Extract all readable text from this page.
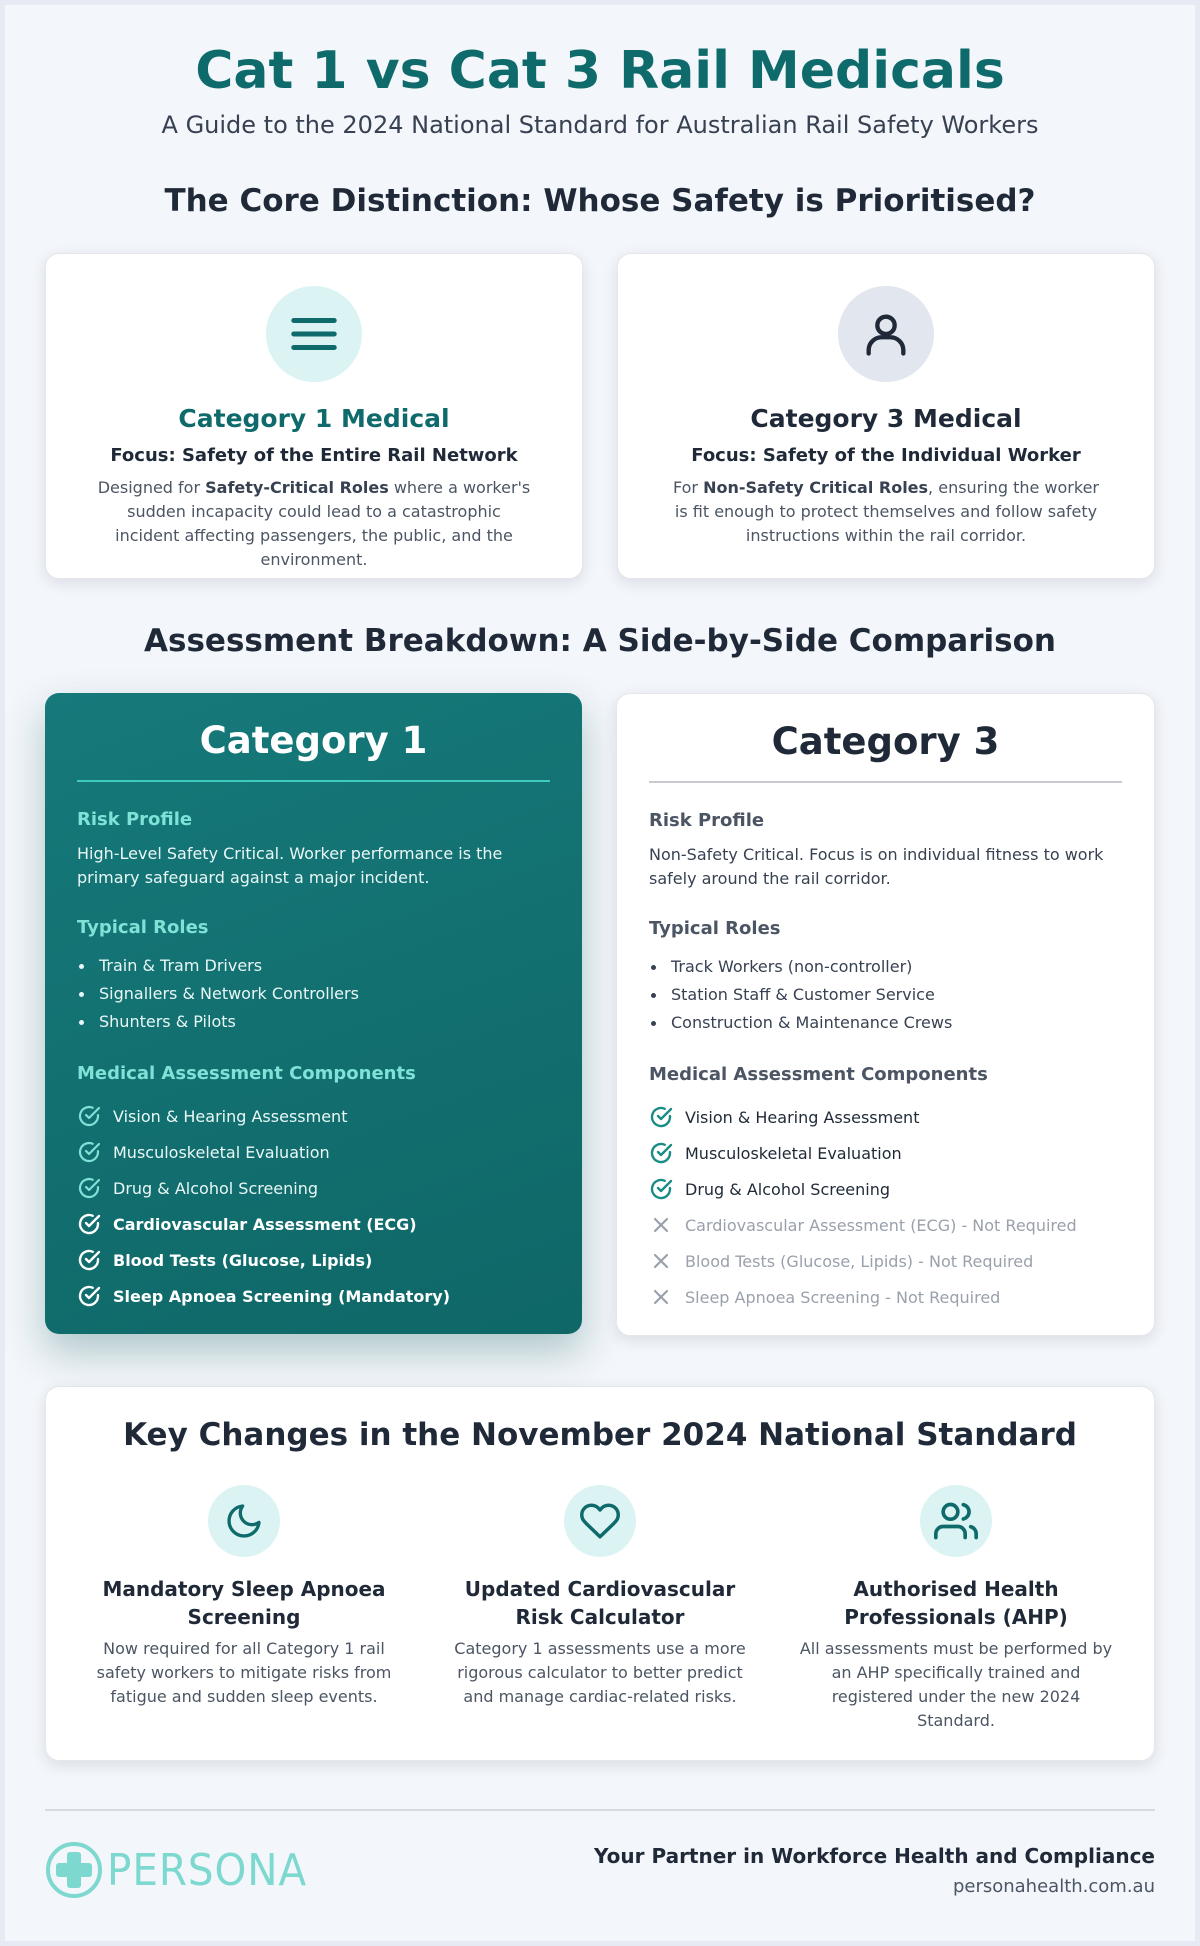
Cat 1 vs Cat 3 Rail Medicals
A Guide to the 2024 National Standard for Australian Rail Safety Workers
The Core Distinction: Whose Safety is Prioritised?
Category 1 Medical
Focus: Safety of the Entire Rail Network
Designed for Safety-Critical Roles where a worker's sudden incapacity could lead to a catastrophic incident affecting passengers, the public, and the environment.
Category 3 Medical
Focus: Safety of the Individual Worker
For Non-Safety Critical Roles, ensuring the worker is fit enough to protect themselves and follow safety instructions within the rail corridor.
Assessment Breakdown: A Side-by-Side Comparison
Category 1
Risk Profile
High-Level Safety Critical. Worker performance is the primary safeguard against a major incident.
Typical Roles
Train & Tram Drivers
Signallers & Network Controllers
Shunters & Pilots
Medical Assessment Components
Vision & Hearing Assessment
Musculoskeletal Evaluation
Drug & Alcohol Screening
Cardiovascular Assessment (ECG)
Blood Tests (Glucose, Lipids)
Sleep Apnoea Screening (Mandatory)
Category 3
Risk Profile
Non-Safety Critical. Focus is on individual fitness to work safely around the rail corridor.
Typical Roles
Track Workers (non-controller)
Station Staff & Customer Service
Construction & Maintenance Crews
Medical Assessment Components
Vision & Hearing Assessment
Musculoskeletal Evaluation
Drug & Alcohol Screening
Cardiovascular Assessment (ECG) - Not Required
Blood Tests (Glucose, Lipids) - Not Required
Sleep Apnoea Screening - Not Required
Key Changes in the November 2024 National Standard
Mandatory Sleep Apnoea Screening
Now required for all Category 1 rail safety workers to mitigate risks from fatigue and sudden sleep events.
Updated Cardiovascular Risk Calculator
Category 1 assessments use a more rigorous calculator to better predict and manage cardiac-related risks.
Authorised Health Professionals (AHP)
All assessments must be performed by an AHP specifically trained and registered under the new 2024 Standard.
PERSONA	Your Partner in Workforce Health and Compliance
personahealth.com.au
